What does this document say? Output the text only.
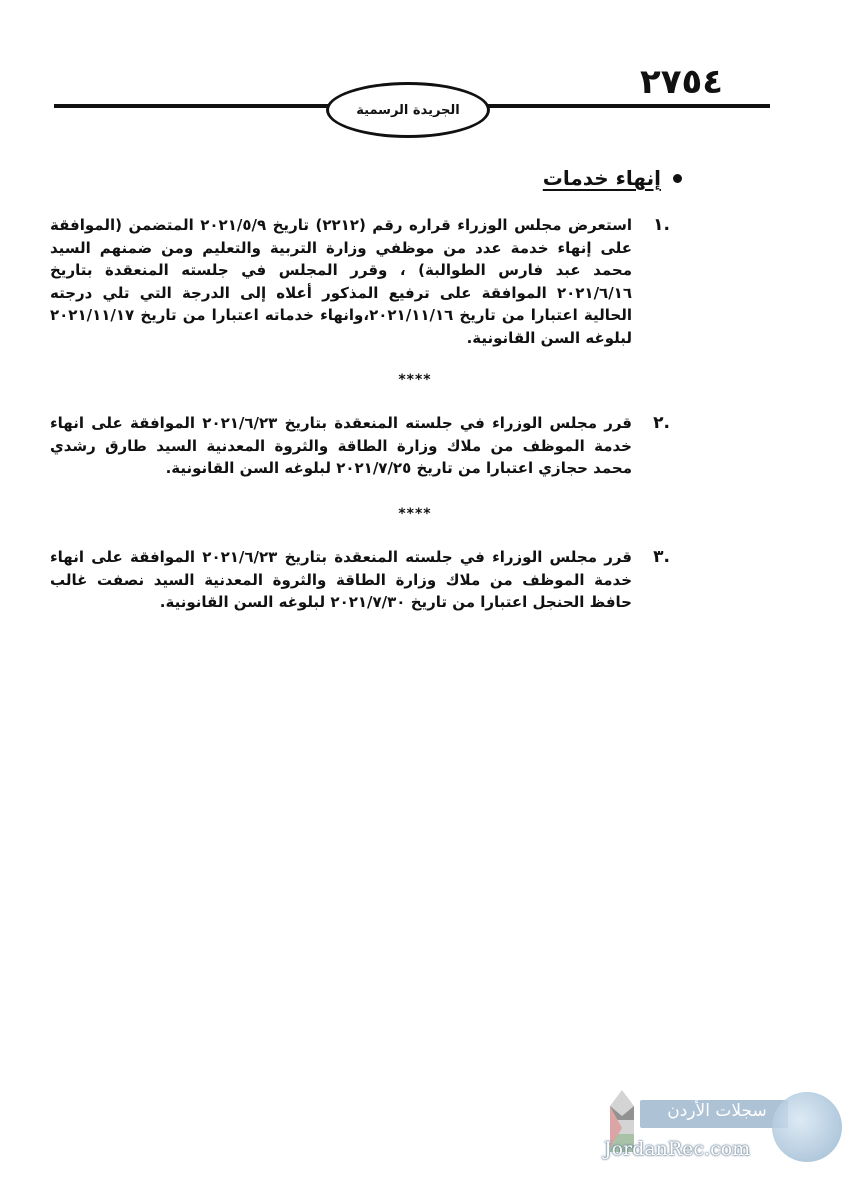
٢٧٥٤
الجريدة الرسمية
إنهاء خدمات
.١
استعرض مجلس الوزراء قراره رقم (٢٢١٢) تاريخ ٢٠٢١/٥/٩ المتضمن (الموافقة على إنهاء خدمة عدد من موظفي وزارة التربية والتعليم ومن ضمنهم السيد محمد عبد فارس الطوالبة) ، وقرر المجلس في جلسته المنعقدة بتاريخ ٢٠٢١/٦/١٦ الموافقة على ترفيع المذكور أعلاه إلى الدرجة التي تلي درجته الحالية اعتبارا من تاريخ ٢٠٢١/١١/١٦،وانهاء خدماته اعتبارا من تاريخ ٢٠٢١/١١/١٧ لبلوغه السن القانونية.
****
.٢
قرر مجلس الوزراء في جلسته المنعقدة بتاريخ ٢٠٢١/٦/٢٣ الموافقة على انهاء خدمة الموظف من ملاك وزارة الطاقة والثروة المعدنية السيد طارق رشدي محمد حجازي اعتبارا من تاريخ ٢٠٢١/٧/٢٥ لبلوغه السن القانونية.
****
.٣
قرر مجلس الوزراء في جلسته المنعقدة بتاريخ ٢٠٢١/٦/٢٣ الموافقة على انهاء خدمة الموظف من ملاك وزارة الطاقة والثروة المعدنية السيد نصفت غالب حافظ الحنجل اعتبارا من تاريخ ٢٠٢١/٧/٣٠ لبلوغه السن القانونية.
سجلات الأردن
JordanRec.com
